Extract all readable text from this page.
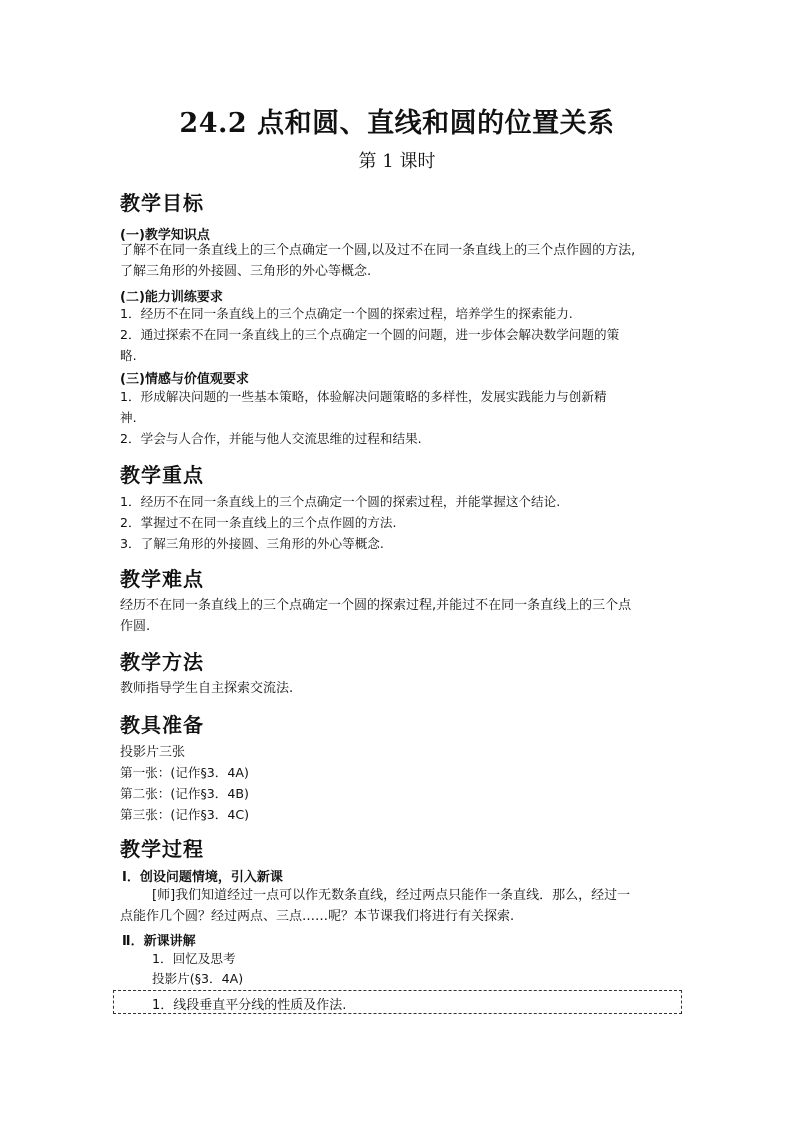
24.2 点和圆、直线和圆的位置关系
第 1 课时
教学目标
(一)教学知识点
了解不在同一条直线上的三个点确定一个圆,以及过不在同一条直线上的三个点作圆的方法,
了解三角形的外接圆、三角形的外心等概念.
(二)能力训练要求
1．经历不在同一条直线上的三个点确定一个圆的探索过程，培养学生的探索能力.
2．通过探索不在同一条直线上的三个点确定一个圆的问题，进一步体会解决数学问题的策
略.
(三)情感与价值观要求
1．形成解决问题的一些基本策略，体验解决问题策略的多样性，发展实践能力与创新精
神.
2．学会与人合作，并能与他人交流思维的过程和结果.
教学重点
1．经历不在同一条直线上的三个点确定一个圆的探索过程，并能掌握这个结论.
2．掌握过不在同一条直线上的三个点作圆的方法.
3．了解三角形的外接圆、三角形的外心等概念.
教学难点
经历不在同一条直线上的三个点确定一个圆的探索过程,并能过不在同一条直线上的三个点
作圆.
教学方法
教师指导学生自主探索交流法.
教具准备
投影片三张
第一张：(记作§3．4A)
第二张：(记作§3．4B)
第三张：(记作§3．4C)
教学过程
Ⅰ．创设问题情境，引入新课
[师]我们知道经过一点可以作无数条直线，经过两点只能作一条直线．那么，经过一
点能作几个圆？经过两点、三点……呢？本节课我们将进行有关探索.
Ⅱ．新课讲解
1．回忆及思考
投影片(§3．4A)
1．线段垂直平分线的性质及作法.
